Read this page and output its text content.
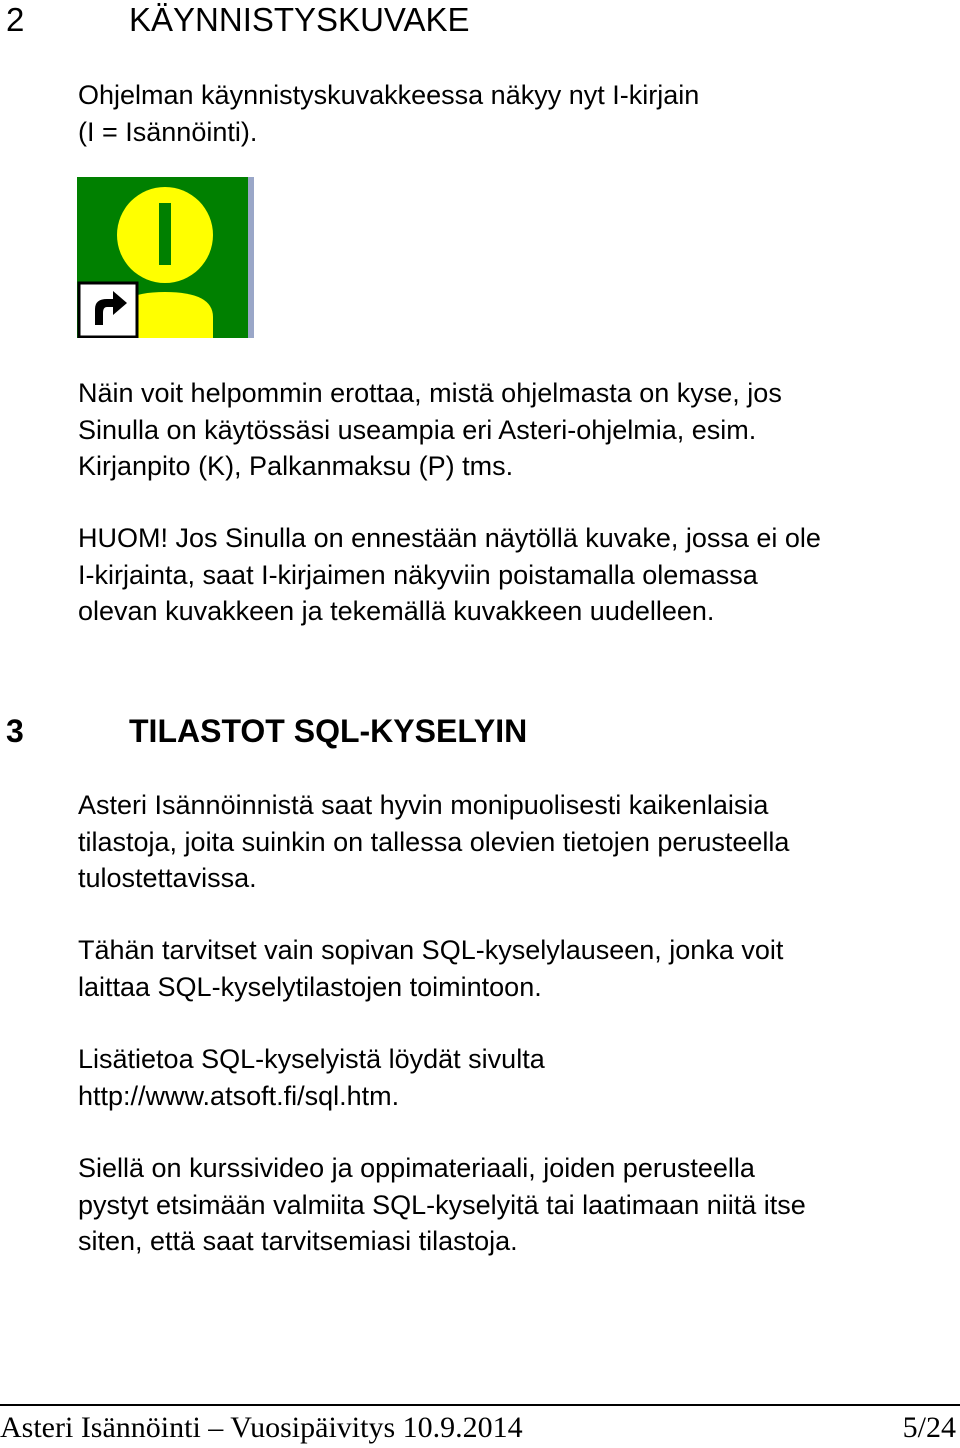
2	KÄYNNISTYSKUVAKE

Ohjelman käynnistyskuvakkeessa näkyy nyt I-kirjain
(I = Isännöinti).

Näin voit helpommin erottaa, mistä ohjelmasta on kyse, jos
Sinulla on käytössäsi useampia eri Asteri-ohjelmia, esim.
Kirjanpito (K), Palkanmaksu (P) tms.

HUOM! Jos Sinulla on ennestään näytöllä kuvake, jossa ei ole
I-kirjainta, saat I-kirjaimen näkyviin poistamalla olemassa
olevan kuvakkeen ja tekemällä kuvakkeen uudelleen.

3	TILASTOT SQL-KYSELYIN

Asteri Isännöinnistä saat hyvin monipuolisesti kaikenlaisia
tilastoja, joita suinkin on tallessa olevien tietojen perusteella
tulostettavissa.

Tähän tarvitset vain sopivan SQL-kyselylauseen, jonka voit
laittaa SQL-kyselytilastojen toimintoon.

Lisätietoa SQL-kyselyistä löydät sivulta
http://www.atsoft.fi/sql.htm.

Siellä on kurssivideo ja oppimateriaali, joiden perusteella
pystyt etsimään valmiita SQL-kyselyitä tai laatimaan niitä itse
siten, että saat tarvitsemiasi tilastoja.

Asteri Isännöinti – Vuosipäivitys 10.9.2014	5/24
